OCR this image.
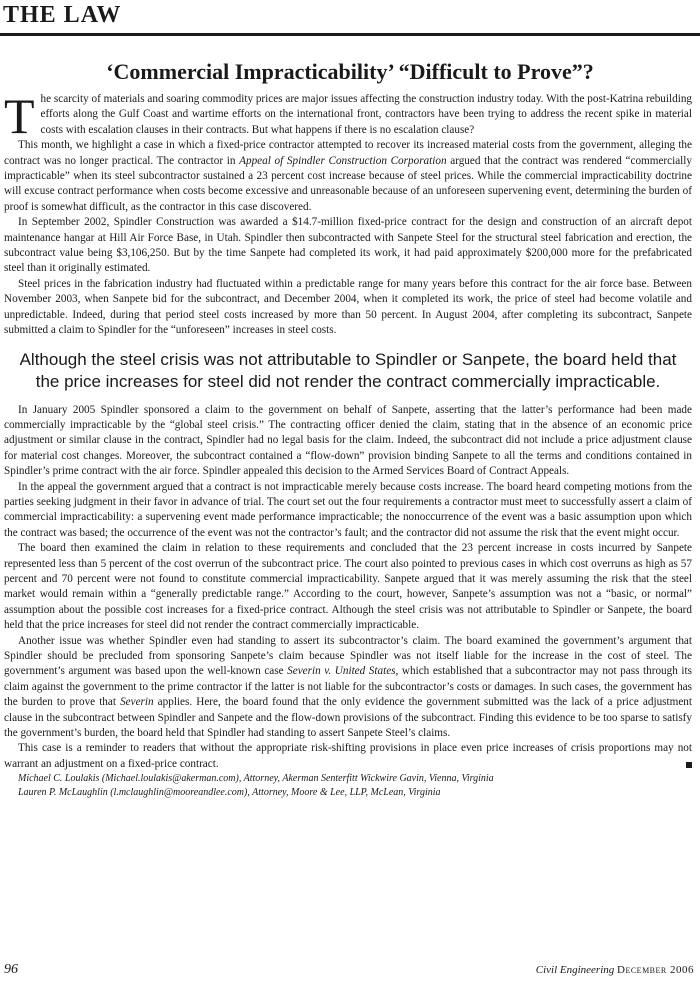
THE LAW
‘Commercial Impracticability’ “Difficult to Prove”?

The scarcity of materials and soaring commodity prices are major issues affecting the construction industry today. With the post-Katrina rebuilding efforts along the Gulf Coast and wartime efforts on the international front, contractors have been trying to address the recent spike in material costs with escalation clauses in their contracts. But what happens if there is no escalation clause?

This month, we highlight a case in which a fixed-price contractor attempted to recover its increased material costs from the government, alleging the contract was no longer practical. The contractor in Appeal of Spindler Construction Corporation argued that the contract was rendered “commercially impracticable” when its steel subcontractor sustained a 23 percent cost increase because of steel prices. While the commercial impracticability doctrine will excuse contract performance when costs become excessive and unreasonable because of an unforeseen supervening event, determining the burden of proof is somewhat difficult, as the contractor in this case discovered.

In September 2002, Spindler Construction was awarded a $14.7-million fixed-price contract for the design and construction of an aircraft depot maintenance hangar at Hill Air Force Base, in Utah. Spindler then subcontracted with Sanpete Steel for the structural steel fabrication and erection, the subcontract value being $3,106,250. But by the time Sanpete had completed its work, it had paid approximately $200,000 more for the prefabricated steel than it originally estimated.

Steel prices in the fabrication industry had fluctuated within a predictable range for many years before this contract for the air force base. Between November 2003, when Sanpete bid for the subcontract, and December 2004, when it completed its work, the price of steel had become volatile and unpredictable. Indeed, during that period steel costs increased by more than 50 percent. In August 2004, after completing its subcontract, Sanpete submitted a claim to Spindler for the “unforeseen” increases in steel costs.

Although the steel crisis was not attributable to Spindler or Sanpete, the board held that the price increases for steel did not render the contract commercially impracticable.

In January 2005 Spindler sponsored a claim to the government on behalf of Sanpete, asserting that the latter’s performance had been made commercially impracticable by the “global steel crisis.” The contracting officer denied the claim, stating that in the absence of an economic price adjustment or similar clause in the contract, Spindler had no legal basis for the claim. Indeed, the subcontract did not include a price adjustment clause for material cost changes. Moreover, the subcontract contained a “flow-down” provision binding Sanpete to all the terms and conditions contained in Spindler’s prime contract with the air force. Spindler appealed this decision to the Armed Services Board of Contract Appeals.

In the appeal the government argued that a contract is not impracticable merely because costs increase. The board heard competing motions from the parties seeking judgment in their favor in advance of trial. The court set out the four requirements a contractor must meet to successfully assert a claim of commercial impracticability: a supervening event made performance impracticable; the nonoccurrence of the event was a basic assumption upon which the contract was based; the occurrence of the event was not the contractor’s fault; and the contractor did not assume the risk that the event might occur.

The board then examined the claim in relation to these requirements and concluded that the 23 percent increase in costs incurred by Sanpete represented less than 5 percent of the cost overrun of the subcontract price. The court also pointed to previous cases in which cost overruns as high as 57 percent and 70 percent were not found to constitute commercial impracticability. Sanpete argued that it was merely assuming the risk that the steel market would remain within a “generally predictable range.” According to the court, however, Sanpete’s assumption was not a “basic, or normal” assumption about the possible cost increases for a fixed-price contract. Although the steel crisis was not attributable to Spindler or Sanpete, the board held that the price increases for steel did not render the contract commercially impracticable.

Another issue was whether Spindler even had standing to assert its subcontractor’s claim. The board examined the government’s argument that Spindler should be precluded from sponsoring Sanpete’s claim because Spindler was not itself liable for the increase in the cost of steel. The government’s argument was based upon the well-known case Severin v. United States, which established that a subcontractor may not pass through its claim against the government to the prime contractor if the latter is not liable for the subcontractor’s costs or damages. In such cases, the government has the burden to prove that Severin applies. Here, the board found that the only evidence the government submitted was the lack of a price adjustment clause in the subcontract between Spindler and Sanpete and the flow-down provisions of the subcontract. Finding this evidence to be too sparse to satisfy the government’s burden, the board held that Spindler had standing to assert Sanpete Steel’s claims.

This case is a reminder to readers that without the appropriate risk-shifting provisions in place even price increases of crisis proportions may not warrant an adjustment on a fixed-price contract.

Michael C. Loulakis (Michael.loulakis@akerman.com), Attorney, Akerman Senterfitt Wickwire Gavin, Vienna, Virginia

Lauren P. McLaughlin (l.mclaughlin@mooreandlee.com), Attorney, Moore & Lee, LLP, McLean, Virginia

96	Civil Engineering December 2006
